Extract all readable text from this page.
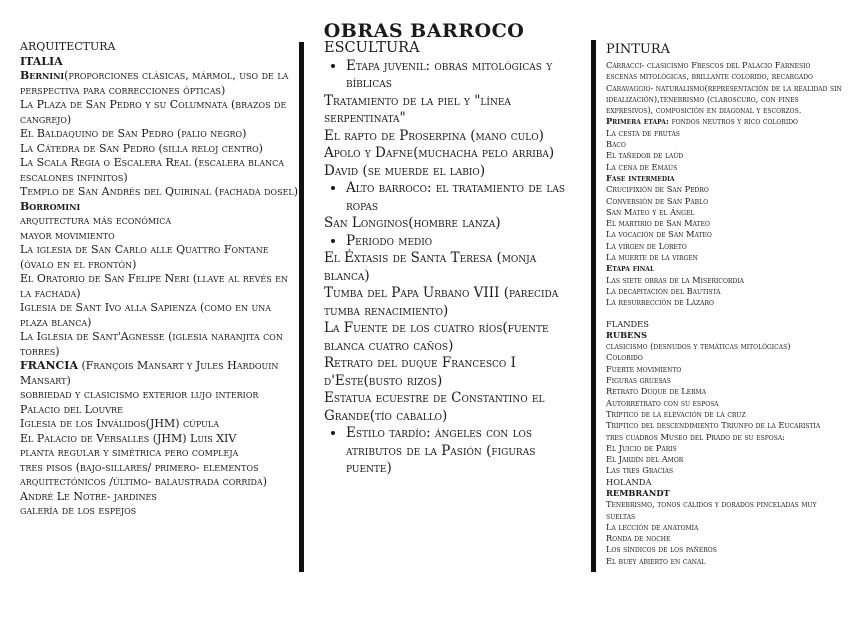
OBRAS BARROCO

ARQUITECTURA

ITALIA

Bernini(proporciones clásicas, mármol, uso de la perspectiva para correcciones ópticas)

La Plaza de San Pedro y su Columnata (brazos de cangrejo)

El Baldaquino de San Pedro (palio negro)

La Cátedra de San Pedro (silla reloj centro)

La Scala Regia o Escalera Real (escalera blanca escalones infinitos)

Templo de San Andrés del Quirinal (fachada dosel)

Borromini

arquitectura más económica

mayor movimiento

La iglesia de San Carlo alle Quattro Fontane (óvalo en el frontón)

El Oratorio de San Felipe Neri (llave al revés en la fachada)

Iglesia de Sant Ivo alla Sapienza (como en una plaza blanca)

La Iglesia de Sant'Agnesse (iglesia naranjita con torres)

FRANCIA (François Mansart y Jules Hardouin Mansart)

sobriedad y clasicismo exterior lujo interior

Palacio del Louvre

Iglesia de los Inválidos(JHM) cúpula

El Palacio de Versalles (JHM) Luis XIV

planta regular y simétrica pero compleja

tres pisos (bajo-sillares/ primero- elementos arquitectónicos /último- balaustrada corrida)

André Le Notre- jardines

galería de los espejos

ESCULTURA

• Etapa juvenil: obras mitológicas y bíblicas

Tratamiento de la piel y "línea serpentinata"

El rapto de Proserpina (mano culo)

Apolo y Dafne(muchacha pelo arriba)

David (se muerde el labio)

• Alto barroco: el tratamiento de las ropas

San Longinos(hombre lanza)

• Periodo medio

El Éxtasis de Santa Teresa (monja blanca)

Tumba del Papa Urbano VIII (parecida tumba renacimiento)

La Fuente de los cuatro ríos(fuente blanca cuatro caños)

Retrato del duque Francesco I d'Este(busto rizos)

Estatua ecuestre de Constantino el Grande(tío caballo)

• Estilo tardío: ángeles con los atributos de la Pasión (figuras puente)

PINTURA

Carracci- clasicismo Frescos del Palacio Farnesio escenas mitológicas, brillante colorido, recargado

Caravaggio- naturalismo(representación de la realidad sin idealización),tenebrismo (claroscuro, con fines expresivos), composición en diagonal y escorzos.

Primera etapa: fondos neutros y rico colorido

La cesta de frutas

Baco

El tañedor de laúd

La cena de Emaús

Fase intermedia

Crucifixión de San Pedro

Conversión de San Pablo

San Mateo y el Ángel

El martirio de San Mateo

La vocación de San Mateo

La virgen de Loreto

La muerte de la virgen

Etapa final

Las siete obras de la Misericordia

La decapitación del Bautista

La resurrección de Lázaro

FLANDES

RUBENS

clasicismo (desnudos y temáticas mitológicas)

Colorido

Fuerte movimiento

Figuras gruesas

Retrato Duque de Lerma

Autorretrato con su esposa

Tríptico de la elevación de la cruz

Tríptico del descendimiento Triunfo de la Eucaristía

tres cuadros Museo del Prado de su esposa:

El Juicio de Paris

El Jardín del Amor

Las tres Gracias

HOLANDA

REMBRANDT

Tenebrismo, tonos cálidos y dorados pinceladas muy sueltas

La lección de anatomía

Ronda de noche

Los síndicos de los pañeros

El buey abierto en canal
